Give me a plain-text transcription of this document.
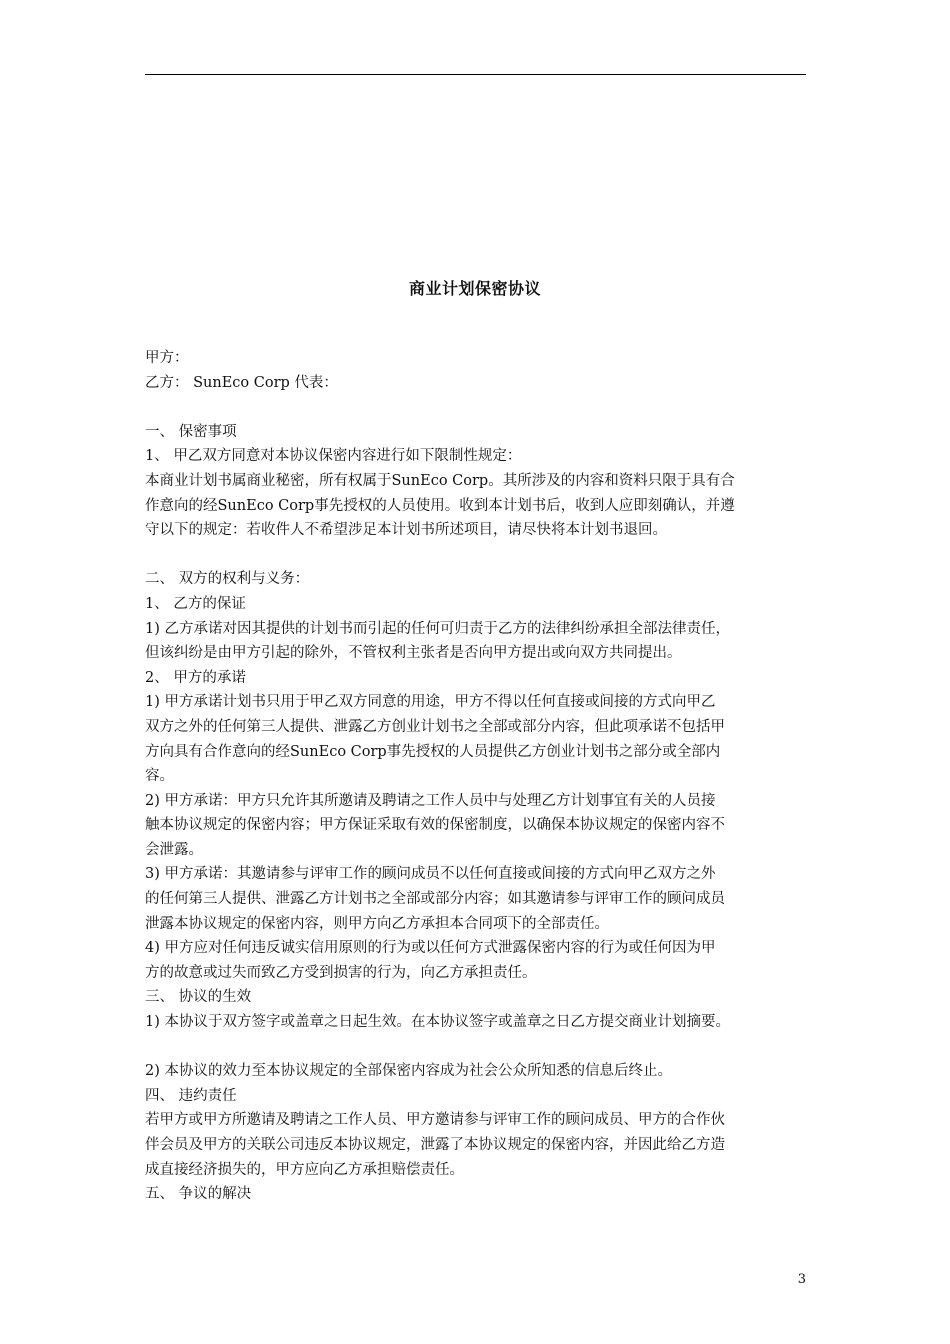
商业计划保密协议
甲方：
乙方： SunEco Corp 代表：
一、 保密事项
1、 甲乙双方同意对本协议保密内容进行如下限制性规定：
本商业计划书属商业秘密，所有权属于SunEco Corp。其所涉及的内容和资料只限于具有合
作意向的经SunEco Corp事先授权的人员使用。收到本计划书后，收到人应即刻确认，并遵
守以下的规定：若收件人不希望涉足本计划书所述项目，请尽快将本计划书退回。
二、 双方的权利与义务：
1、 乙方的保证
1) 乙方承诺对因其提供的计划书而引起的任何可归责于乙方的法律纠纷承担全部法律责任，
但该纠纷是由甲方引起的除外，不管权利主张者是否向甲方提出或向双方共同提出。
2、 甲方的承诺
1) 甲方承诺计划书只用于甲乙双方同意的用途，甲方不得以任何直接或间接的方式向甲乙
双方之外的任何第三人提供、泄露乙方创业计划书之全部或部分内容，但此项承诺不包括甲
方向具有合作意向的经SunEco Corp事先授权的人员提供乙方创业计划书之部分或全部内
容。
2) 甲方承诺：甲方只允许其所邀请及聘请之工作人员中与处理乙方计划事宜有关的人员接
触本协议规定的保密内容；甲方保证采取有效的保密制度，以确保本协议规定的保密内容不
会泄露。
3) 甲方承诺：其邀请参与评审工作的顾问成员不以任何直接或间接的方式向甲乙双方之外
的任何第三人提供、泄露乙方计划书之全部或部分内容；如其邀请参与评审工作的顾问成员
泄露本协议规定的保密内容，则甲方向乙方承担本合同项下的全部责任。
4) 甲方应对任何违反诚实信用原则的行为或以任何方式泄露保密内容的行为或任何因为甲
方的故意或过失而致乙方受到损害的行为，向乙方承担责任。
三、 协议的生效
1) 本协议于双方签字或盖章之日起生效。在本协议签字或盖章之日乙方提交商业计划摘要。
2) 本协议的效力至本协议规定的全部保密内容成为社会公众所知悉的信息后终止。
四、 违约责任
若甲方或甲方所邀请及聘请之工作人员、甲方邀请参与评审工作的顾问成员、甲方的合作伙
伴会员及甲方的关联公司违反本协议规定，泄露了本协议规定的保密内容，并因此给乙方造
成直接经济损失的，甲方应向乙方承担赔偿责任。
五、 争议的解决
3
